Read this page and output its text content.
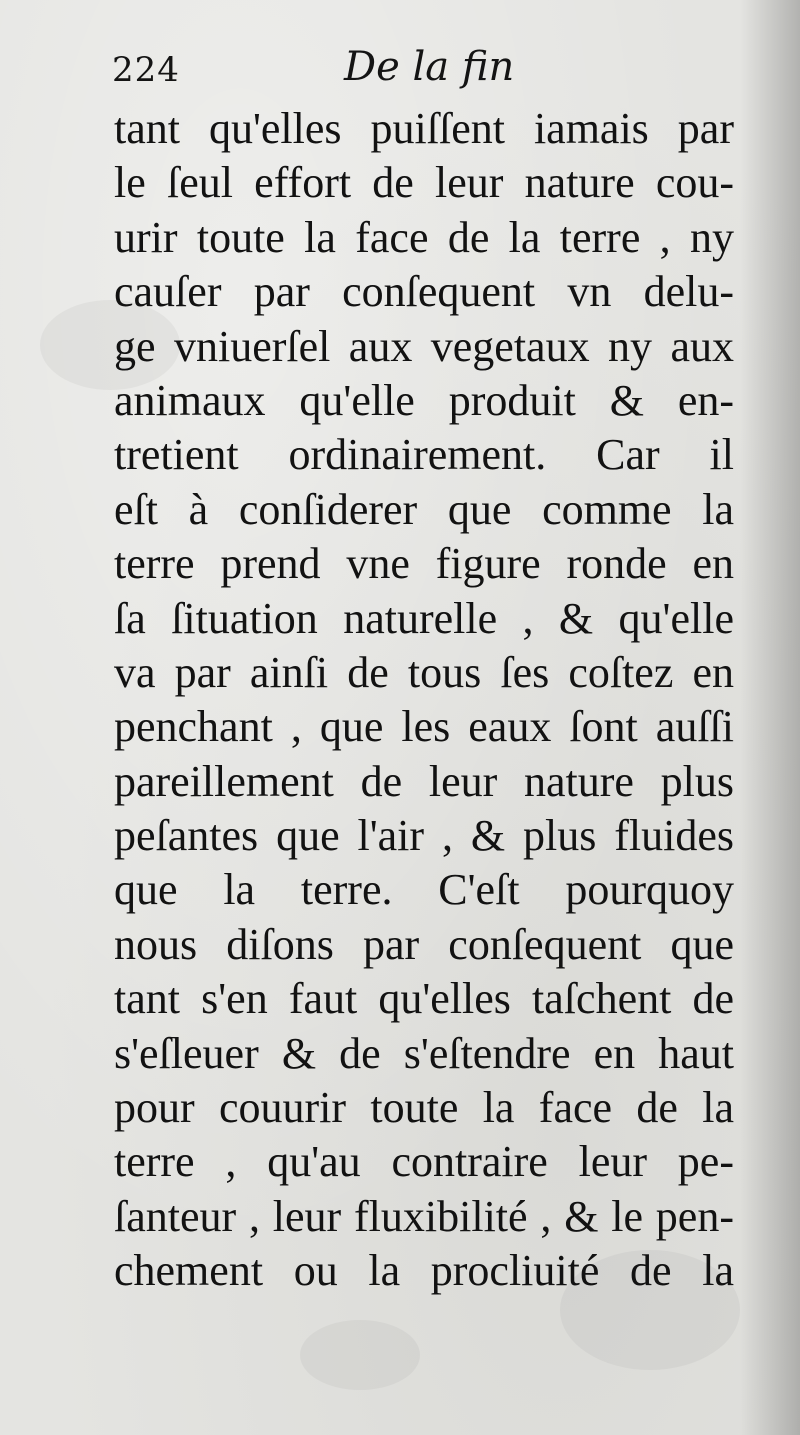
224	De la fin
tant qu'elles puiſſent iamais par
le ſeul effort de leur nature cou-
urir toute la face de la terre , ny
cauſer par conſequent vn delu-
ge vniuerſel aux vegetaux ny aux
animaux qu'elle produit & en-
tretient ordinairement. Car il
eſt à conſiderer que comme la
terre prend vne figure ronde en
ſa ſituation naturelle , & qu'elle
va par ainſi de tous ſes coſtez en
penchant , que les eaux ſont auſſi
pareillement de leur nature plus
peſantes que l'air , & plus fluides
que la terre. C'eſt pourquoy
nous diſons par conſequent que
tant s'en faut qu'elles taſchent de
s'eſleuer & de s'eſtendre en haut
pour couurir toute la face de la
terre , qu'au contraire leur pe-
ſanteur , leur fluxibilité , & le pen-
chement ou la procliuité de la
